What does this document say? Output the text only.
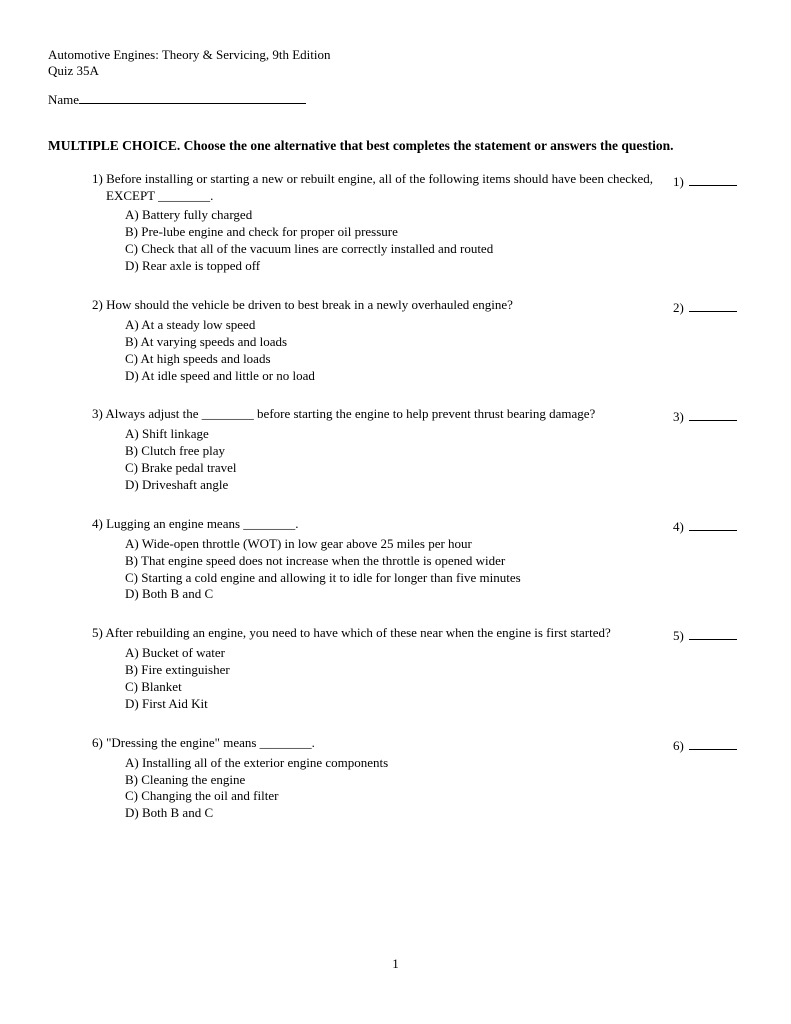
Automotive Engines: Theory & Servicing, 9th Edition
Quiz 35A
Name
MULTIPLE CHOICE. Choose the one alternative that best completes the statement or answers the question.

1) Before installing or starting a new or rebuilt engine, all of the following items should have been checked, EXCEPT ________.

A) Battery fully charged
B) Pre-lube engine and check for proper oil pressure
C) Check that all of the vacuum lines are correctly installed and routed
D) Rear axle is topped off
1)

2) How should the vehicle be driven to best break in a newly overhauled engine?

A) At a steady low speed
B) At varying speeds and loads
C) At high speeds and loads
D) At idle speed and little or no load
2)

3) Always adjust the ________ before starting the engine to help prevent thrust bearing damage?

A) Shift linkage
B) Clutch free play
C) Brake pedal travel
D) Driveshaft angle
3)

4) Lugging an engine means ________.

A) Wide-open throttle (WOT) in low gear above 25 miles per hour
B) That engine speed does not increase when the throttle is opened wider
C) Starting a cold engine and allowing it to idle for longer than five minutes
D) Both B and C
4)

5) After rebuilding an engine, you need to have which of these near when the engine is first started?

A) Bucket of water
B) Fire extinguisher
C) Blanket
D) First Aid Kit
5)

6) "Dressing the engine" means ________.

A) Installing all of the exterior engine components
B) Cleaning the engine
C) Changing the oil and filter
D) Both B and C
6)
1
